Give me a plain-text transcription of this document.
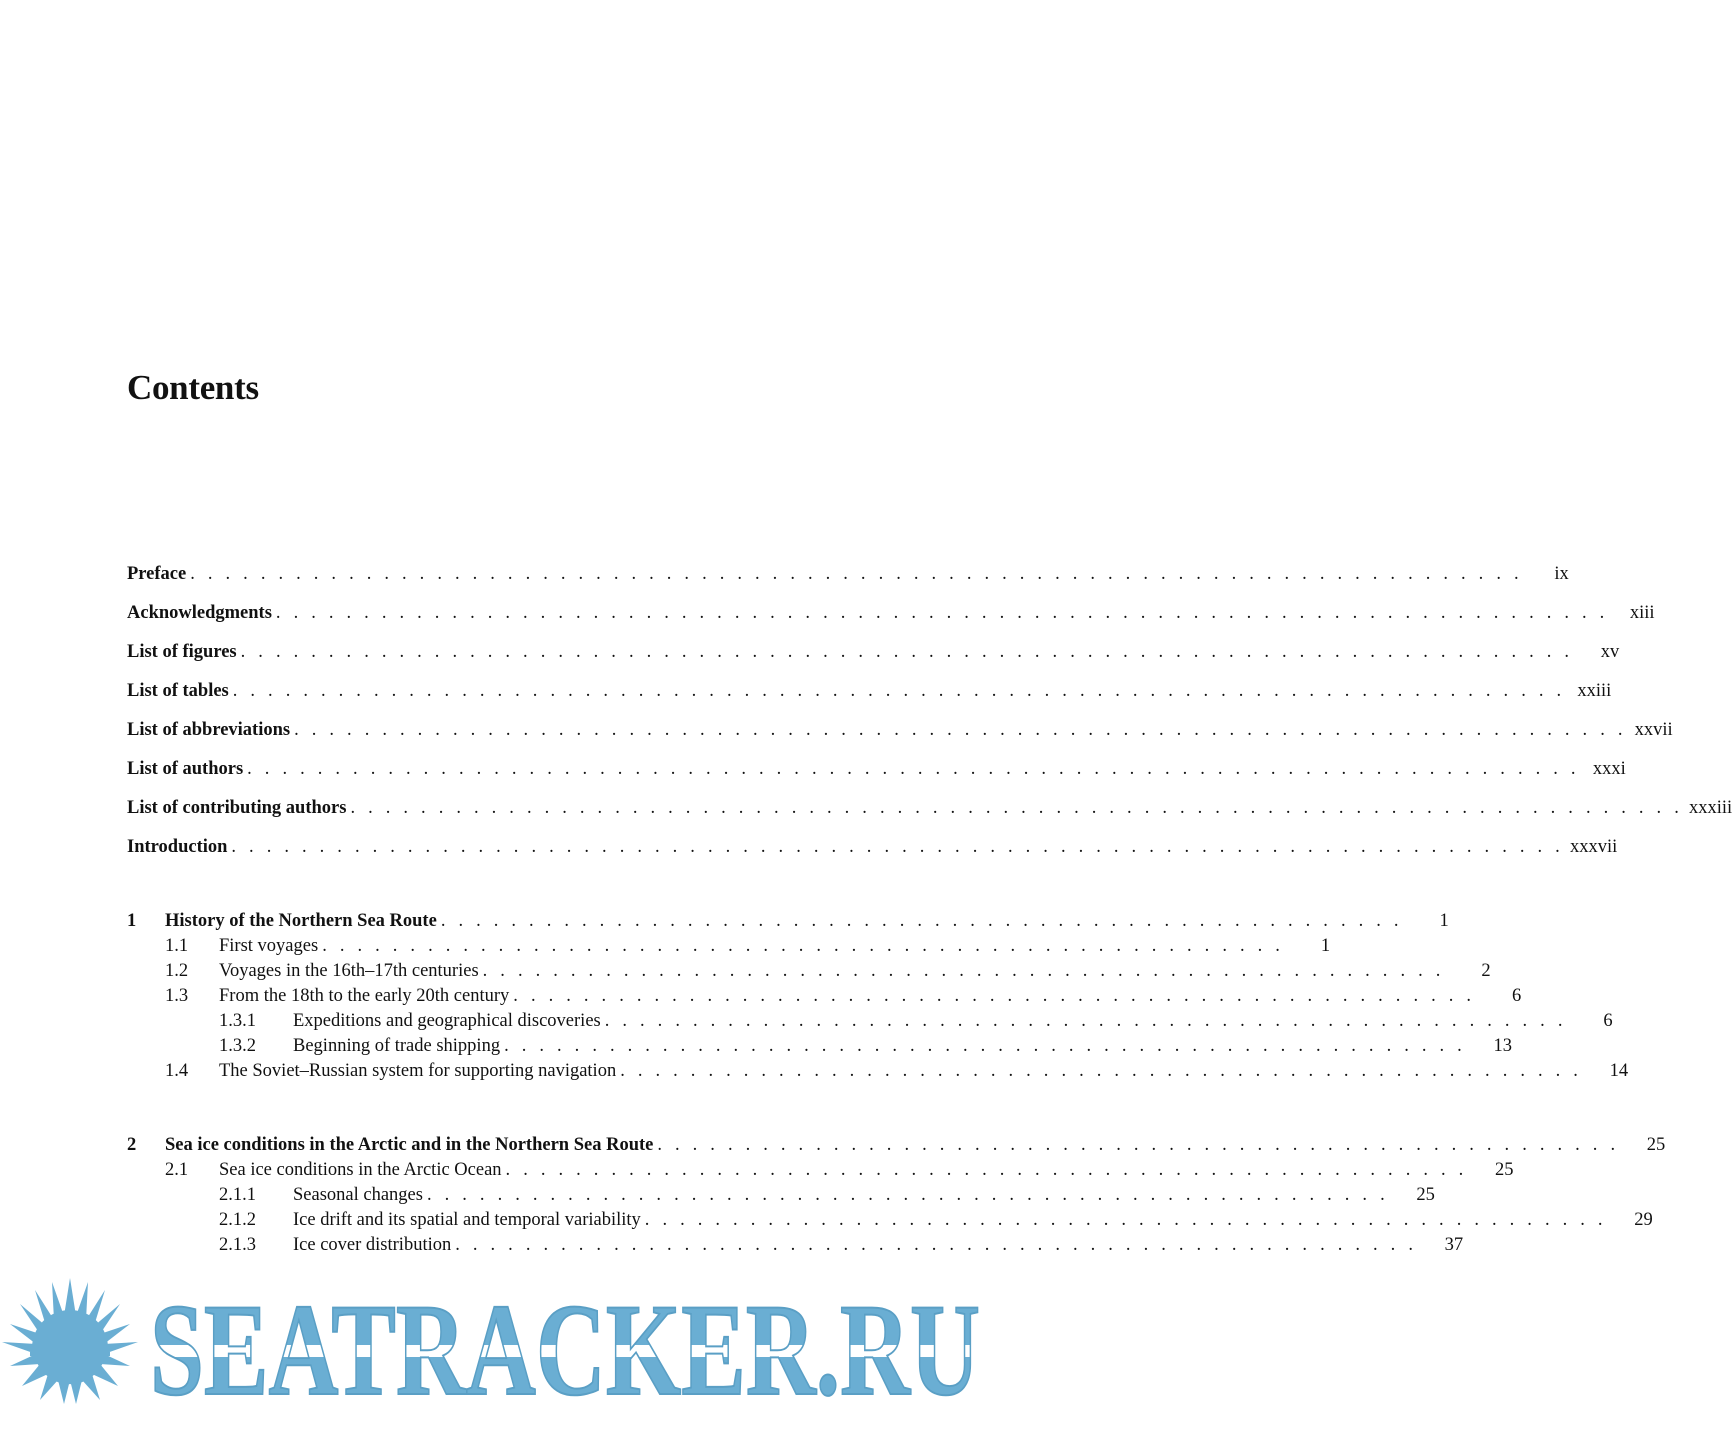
Contents
Preface . . . . . . . . . . . . . . . . . . . . . . . . . . . . . . . . . . . . . . . . . . . . . . . . . . . . . . . . . . . . . . . . . . . . . . . . . . . .	ix
Acknowledgments . . . . . . . . . . . . . . . . . . . . . . . . . . . . . . . . . . . . . . . . . . . . . . . . . . . . . . . . . . . . . . . . . . . . . . . . . . . .	xiii
List of figures . . . . . . . . . . . . . . . . . . . . . . . . . . . . . . . . . . . . . . . . . . . . . . . . . . . . . . . . . . . . . . . . . . . . . . . . . . . .	xv
List of tables . . . . . . . . . . . . . . . . . . . . . . . . . . . . . . . . . . . . . . . . . . . . . . . . . . . . . . . . . . . . . . . . . . . . . . . . . . . . xxiii
List of abbreviations . . . . . . . . . . . . . . . . . . . . . . . . . . . . . . . . . . . . . . . . . . . . . . . . . . . . . . . . . . . . . . . . . . . . . . . . . . . . xxvii
List of authors . . . . . . . . . . . . . . . . . . . . . . . . . . . . . . . . . . . . . . . . . . . . . . . . . . . . . . . . . . . . . . . . . . . . . . . . . . . . xxxi
List of contributing authors . . . . . . . . . . . . . . . . . . . . . . . . . . . . . . . . . . . . . . . . . . . . . . . . . . . . . . . . . . . . . . . . . . . . . . . . . . . . xxxiii
Introduction . . . . . . . . . . . . . . . . . . . . . . . . . . . . . . . . . . . . . . . . . . . . . . . . . . . . . . . . . . . . . . . . . . . . . . . . . . . . xxxvii
1 History of the Northern Sea Route . . . . . . . . . . . . . . . . . . . . . . . . . . . . . . . . . . . . . . . . . . . . . . . . . . . . . . .	1
1.1 First voyages . . . . . . . . . . . . . . . . . . . . . . . . . . . . . . . . . . . . . . . . . . . . . . . . . . . . . . .	1
1.2 Voyages in the 16th–17th centuries . . . . . . . . . . . . . . . . . . . . . . . . . . . . . . . . . . . . . . . . . . . . . . . . . . . . . . .	2
1.3 From the 18th to the early 20th century . . . . . . . . . . . . . . . . . . . . . . . . . . . . . . . . . . . . . . . . . . . . . . . . . . . . . . .	6
1.3.1 Expeditions and geographical discoveries . . . . . . . . . . . . . . . . . . . . . . . . . . . . . . . . . . . . . . . . . . . . . . . . . . . . . . .	6
1.3.2 Beginning of trade shipping . . . . . . . . . . . . . . . . . . . . . . . . . . . . . . . . . . . . . . . . . . . . . . . . . . . . . . .	13
1.4 The Soviet–Russian system for supporting navigation . . . . . . . . . . . . . . . . . . . . . . . . . . . . . . . . . . . . . . . . . . . . . . . . . . . . . . .	14
2 Sea ice conditions in the Arctic and in the Northern Sea Route . . . . . . . . . . . . . . . . . . . . . . . . . . . . . . . . . . . . . . . . . . . . . . . . . . . . . . .	25
2.1 Sea ice conditions in the Arctic Ocean . . . . . . . . . . . . . . . . . . . . . . . . . . . . . . . . . . . . . . . . . . . . . . . . . . . . . . .	25
2.1.1 Seasonal changes . . . . . . . . . . . . . . . . . . . . . . . . . . . . . . . . . . . . . . . . . . . . . . . . . . . . . . .	25
2.1.2 Ice drift and its spatial and temporal variability . . . . . . . . . . . . . . . . . . . . . . . . . . . . . . . . . . . . . . . . . . . . . . . . . . . . . . .	29
2.1.3 Ice cover distribution . . . . . . . . . . . . . . . . . . . . . . . . . . . . . . . . . . . . . . . . . . . . . . . . . . . . . . .	37
SEATRACKER.RU
